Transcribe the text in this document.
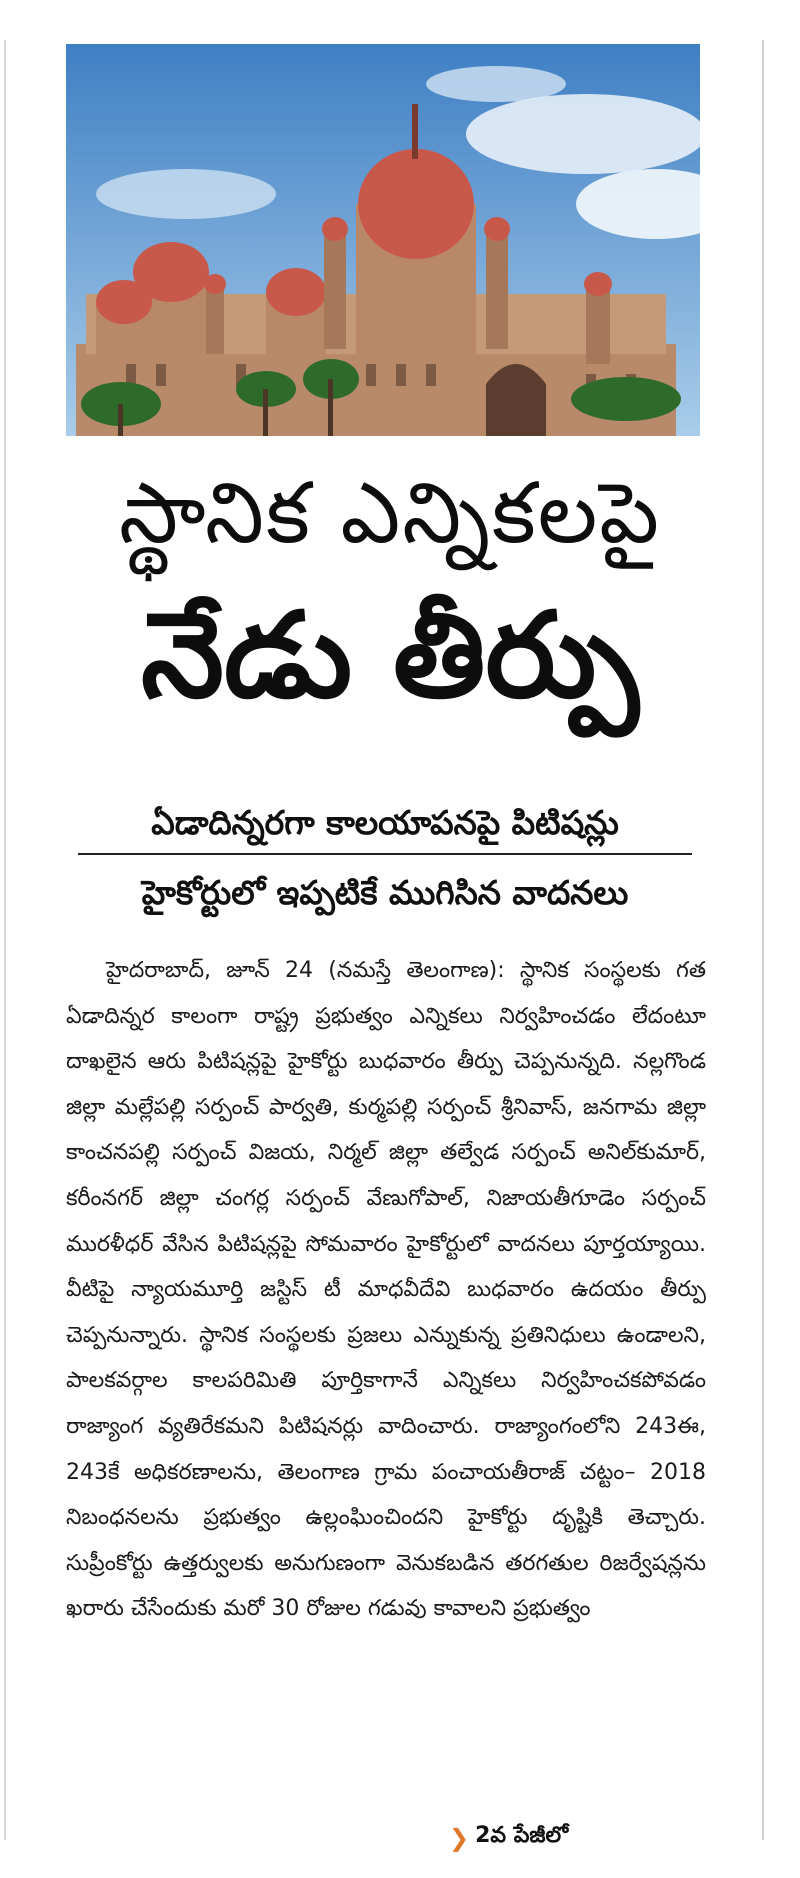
స్థానిక ఎన్నికలపై
నేడు తీర్పు
ఏడాదిన్నరగా కాలయాపనపై పిటిషన్లు
హైకోర్టులో ఇప్పటికే ముగిసిన వాదనలు

హైదరాబాద్, జూన్ 24 (నమస్తే తెలంగాణ): స్థానిక సంస్థలకు గత ఏడాదిన్నర కాలంగా రాష్ట్ర ప్రభుత్వం ఎన్నికలు నిర్వహించడం లేదంటూ దాఖలైన ఆరు పిటిషన్లపై హైకోర్టు బుధవారం తీర్పు చెప్పనున్నది. నల్లగొండ జిల్లా మల్లేపల్లి సర్పంచ్ పార్వతి, కుర్మపల్లి సర్పంచ్ శ్రీనివాస్, జనగామ జిల్లా కాంచనపల్లి సర్పంచ్ విజయ, నిర్మల్ జిల్లా తల్వేడ సర్పంచ్ అనిల్‌కుమార్, కరీంనగర్ జిల్లా చంగర్ల సర్పంచ్ వేణుగోపాల్, నిజాయతీగూడెం సర్పంచ్ మురళీధర్ వేసిన పిటిషన్లపై సోమవారం హైకోర్టులో వాదనలు పూర్తయ్యాయి. వీటిపై న్యాయమూర్తి జస్టిస్ టీ మాధవీదేవి బుధవారం ఉదయం తీర్పు చెప్పనున్నారు. స్థానిక సంస్థలకు ప్రజలు ఎన్నుకున్న ప్రతినిధులు ఉండాలని, పాలకవర్గాల కాలపరిమితి పూర్తికాగానే ఎన్నికలు నిర్వహించకపోవడం రాజ్యాంగ వ్యతిరేకమని పిటిషనర్లు వాదించారు. రాజ్యాంగంలోని 243ఈ, 243కే అధికరణాలను, తెలంగాణ గ్రామ పంచాయతీరాజ్ చట్టం– 2018 నిబంధనలను ప్రభుత్వం ఉల్లంఘించిందని హైకోర్టు దృష్టికి తెచ్చారు. సుప్రీంకోర్టు ఉత్తర్వులకు అనుగుణంగా వెనుకబడిన తరగతుల రిజర్వేషన్లను ఖరారు చేసేందుకు మరో 30 రోజుల గడువు కావాలని ప్రభుత్వం

❯ 2వ పేజీలో
